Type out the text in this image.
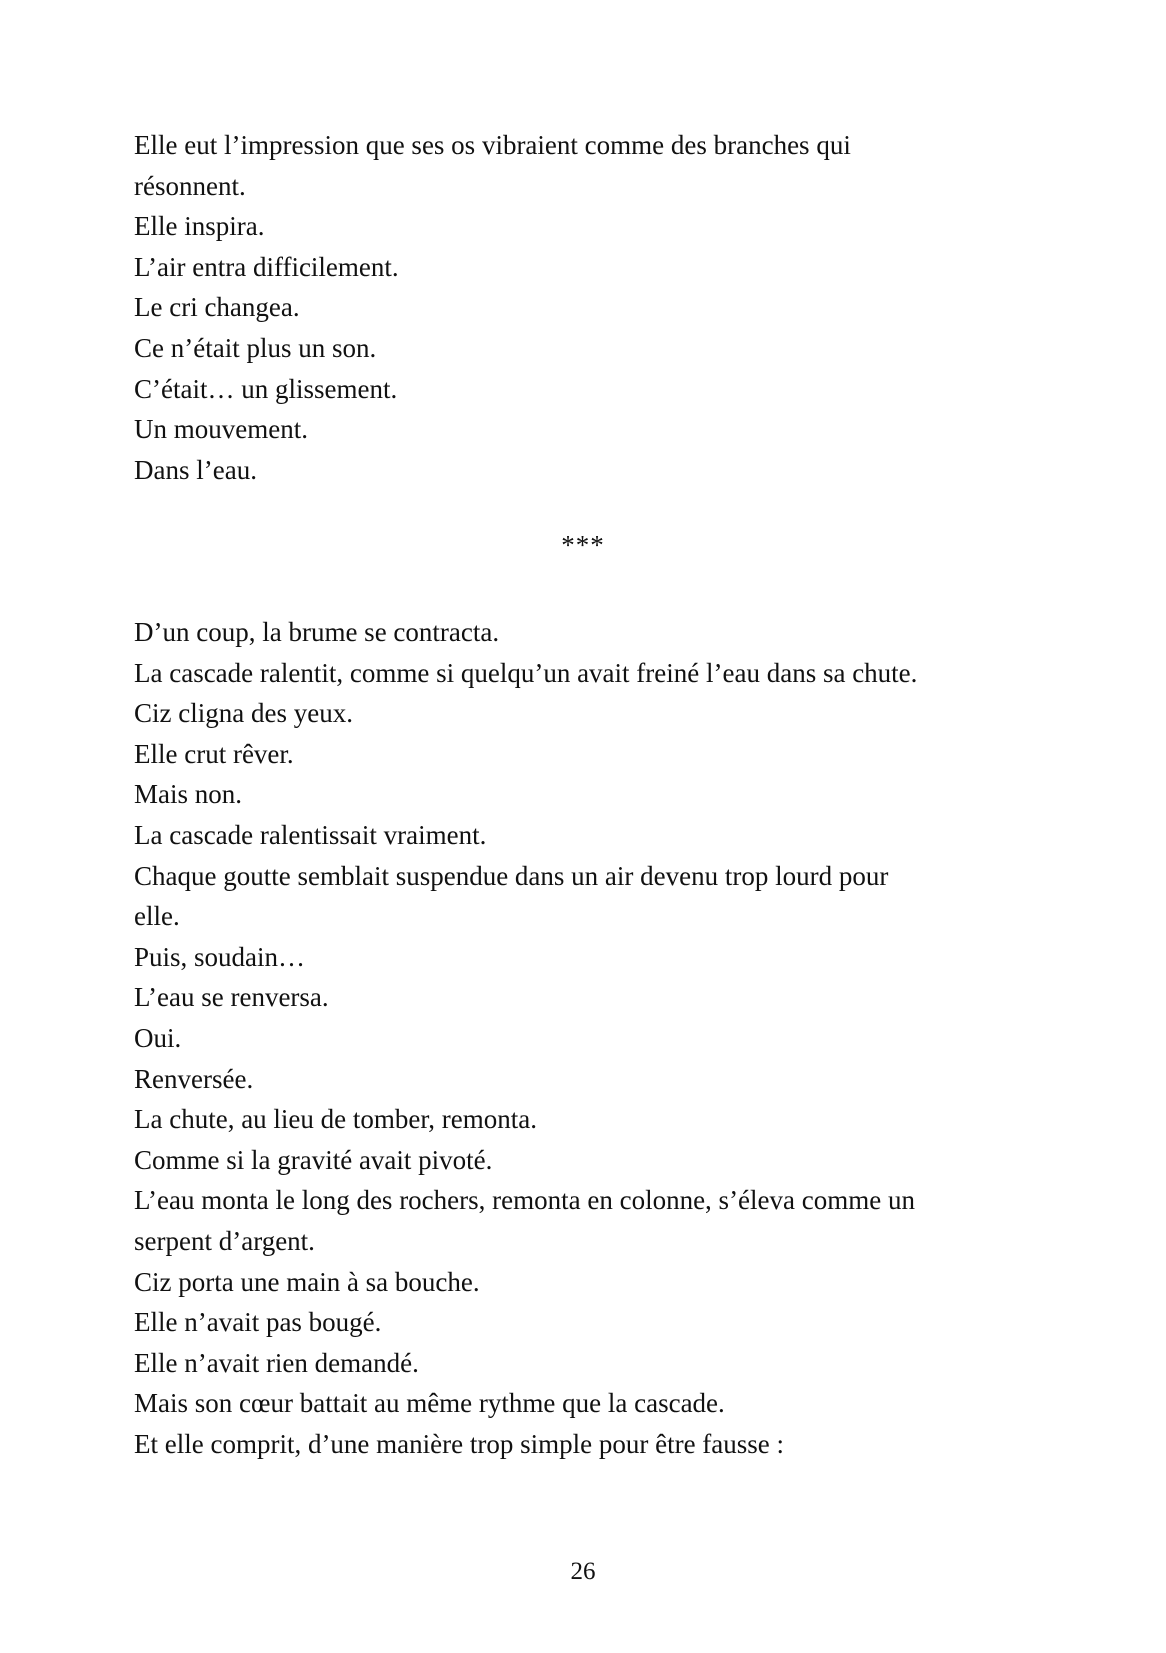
Elle eut l’impression que ses os vibraient comme des branches qui
résonnent.
Elle inspira.
L’air entra difficilement.
Le cri changea.
Ce n’était plus un son.
C’était… un glissement.
Un mouvement.
Dans l’eau.
***
D’un coup, la brume se contracta.
La cascade ralentit, comme si quelqu’un avait freiné l’eau dans sa chute.
Ciz cligna des yeux.
Elle crut rêver.
Mais non.
La cascade ralentissait vraiment.
Chaque goutte semblait suspendue dans un air devenu trop lourd pour
elle.
Puis, soudain…
L’eau se renversa.
Oui.
Renversée.
La chute, au lieu de tomber, remonta.
Comme si la gravité avait pivoté.
L’eau monta le long des rochers, remonta en colonne, s’éleva comme un
serpent d’argent.
Ciz porta une main à sa bouche.
Elle n’avait pas bougé.
Elle n’avait rien demandé.
Mais son cœur battait au même rythme que la cascade.
Et elle comprit, d’une manière trop simple pour être fausse :
26
